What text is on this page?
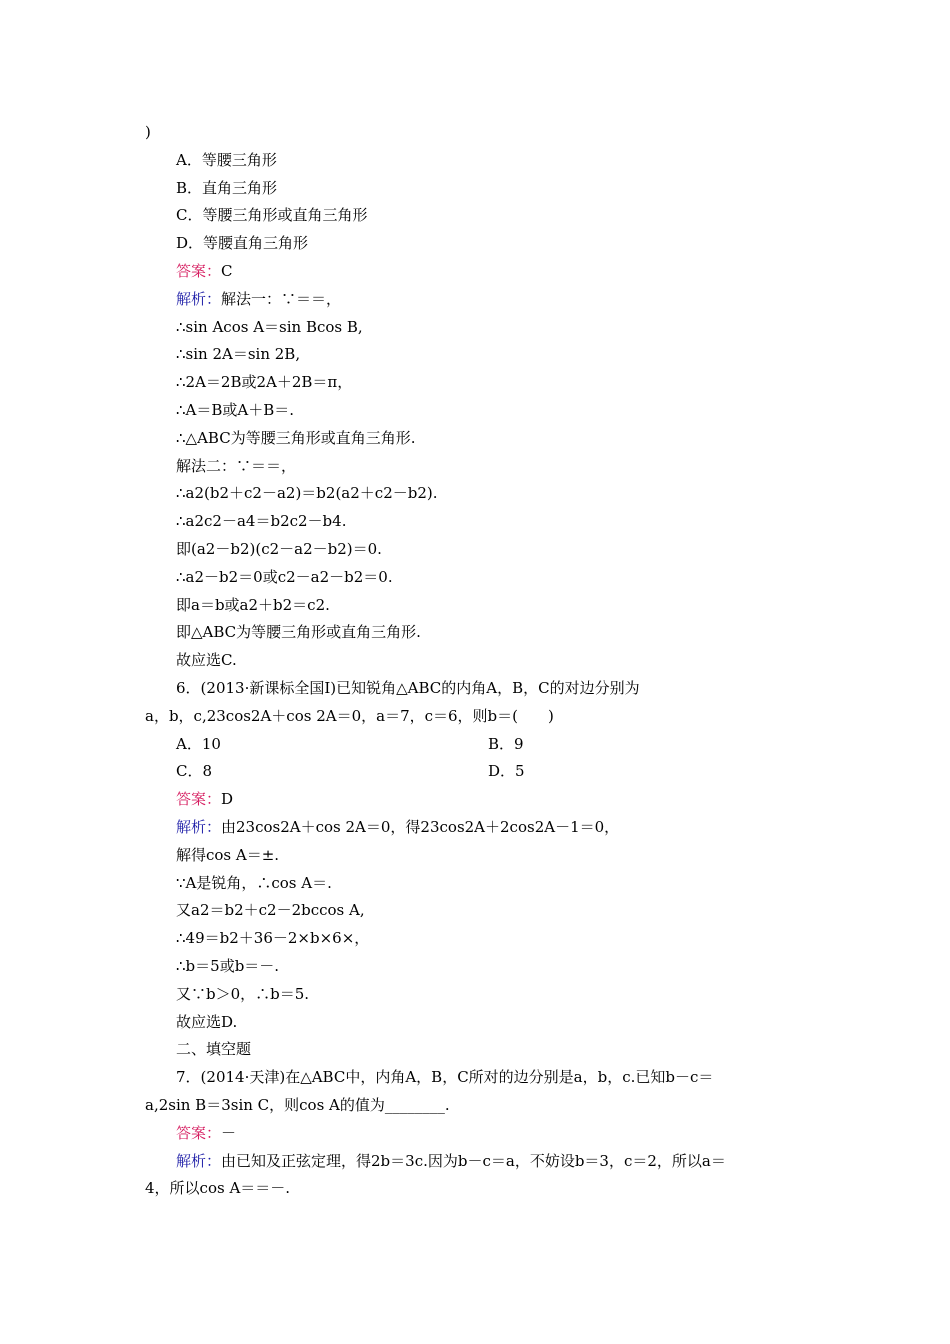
)
A．等腰三角形
B．直角三角形
C．等腰三角形或直角三角形
D．等腰直角三角形
答案：C
解析：解法一：∵＝＝，
∴sin Acos A＝sin Bcos B,
∴sin 2A＝sin 2B,
∴2A＝2B或2A＋2B＝π，
∴A＝B或A＋B＝.
∴△ABC为等腰三角形或直角三角形.
解法二：∵＝＝，
∴a2(b2＋c2－a2)＝b2(a2＋c2－b2).
∴a2c2－a4＝b2c2－b4.
即(a2－b2)(c2－a2－b2)＝0.
∴a2－b2＝0或c2－a2－b2＝0.
即a＝b或a2＋b2＝c2.
即△ABC为等腰三角形或直角三角形.
故应选C.
6．(2013·新课标全国Ⅰ)已知锐角△ABC的内角A，B，C的对边分别为
a，b，c,23cos2A＋cos 2A＝0，a＝7，c＝6，则b＝(　　)
A．10	B．9
C．8	D．5
答案：D
解析：由23cos2A＋cos 2A＝0，得23cos2A＋2cos2A－1＝0，
解得cos A＝±.
∵A是锐角，∴cos A＝.
又a2＝b2＋c2－2bccos A,
∴49＝b2＋36－2×b×6×，
∴b＝5或b＝－.
又∵b＞0，∴b＝5.
故应选D.
二、填空题
7．(2014·天津)在△ABC中，内角A，B，C所对的边分别是a，b，c.已知b－c＝
a,2sin B＝3sin C，则cos A的值为________.
答案：－
解析：由已知及正弦定理，得2b＝3c.因为b－c＝a，不妨设b＝3，c＝2，所以a＝
4，所以cos A＝＝－.
